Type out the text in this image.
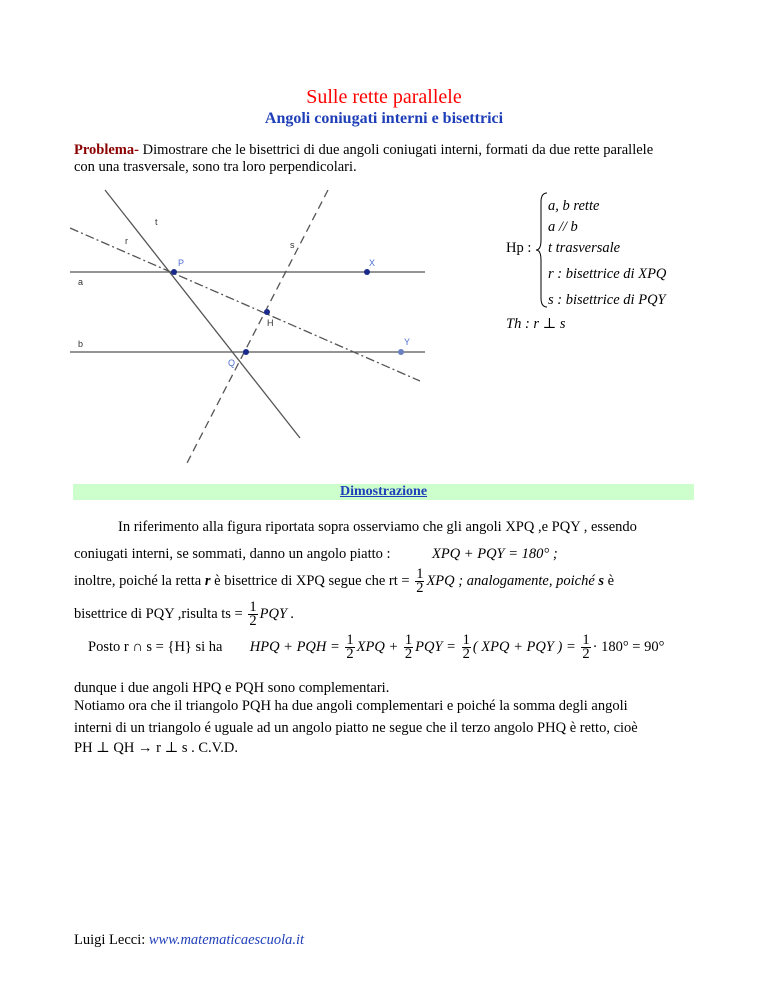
Sulle rette parallele
Angoli coniugati interni e bisettrici
Problema- Dimostrare che le bisettrici di due angoli coniugati interni, formati da due rette parallele
con una trasversale, sono tra loro perpendicolari.
t
r	s
P	X
a
H
b	Y
Q
Hp :
a, b rette
a // b
t trasversale
r : bisettrice di XPQ
s : bisettrice di PQY
Th : r ⊥ s
Dimostrazione
In riferimento alla figura riportata sopra osserviamo che gli angoli XPQ ,e PQY , essendo
coniugati interni, se sommati, danno un angolo piatto :	XPQ + PQY = 180° ;
inoltre, poiché la retta r è bisettrice di XPQ segue che rt = $\frac{1}{2}$ XPQ ; analogamente, poiché s è
bisettrice di PQY ,risulta ts = $\frac{1}{2}$ PQY .
Posto r ∩ s = {H} si ha HPQ + PQH = $\frac{1}{2}$ XPQ + $\frac{1}{2}$ PQY = $\frac{1}{2}$ ( XPQ + PQY ) = $\frac{1}{2} \cdot 180^\circ = 90^\circ$
dunque i due angoli HPQ e PQH sono complementari.
Notiamo ora che il triangolo PQH ha due angoli complementari e poiché la somma degli angoli
interni di un triangolo é uguale ad un angolo piatto ne segue che il terzo angolo PHQ è retto, cioè
PH ⊥ QH → r ⊥ s . C.V.D.
Luigi Lecci: www.matematicaescuola.it
